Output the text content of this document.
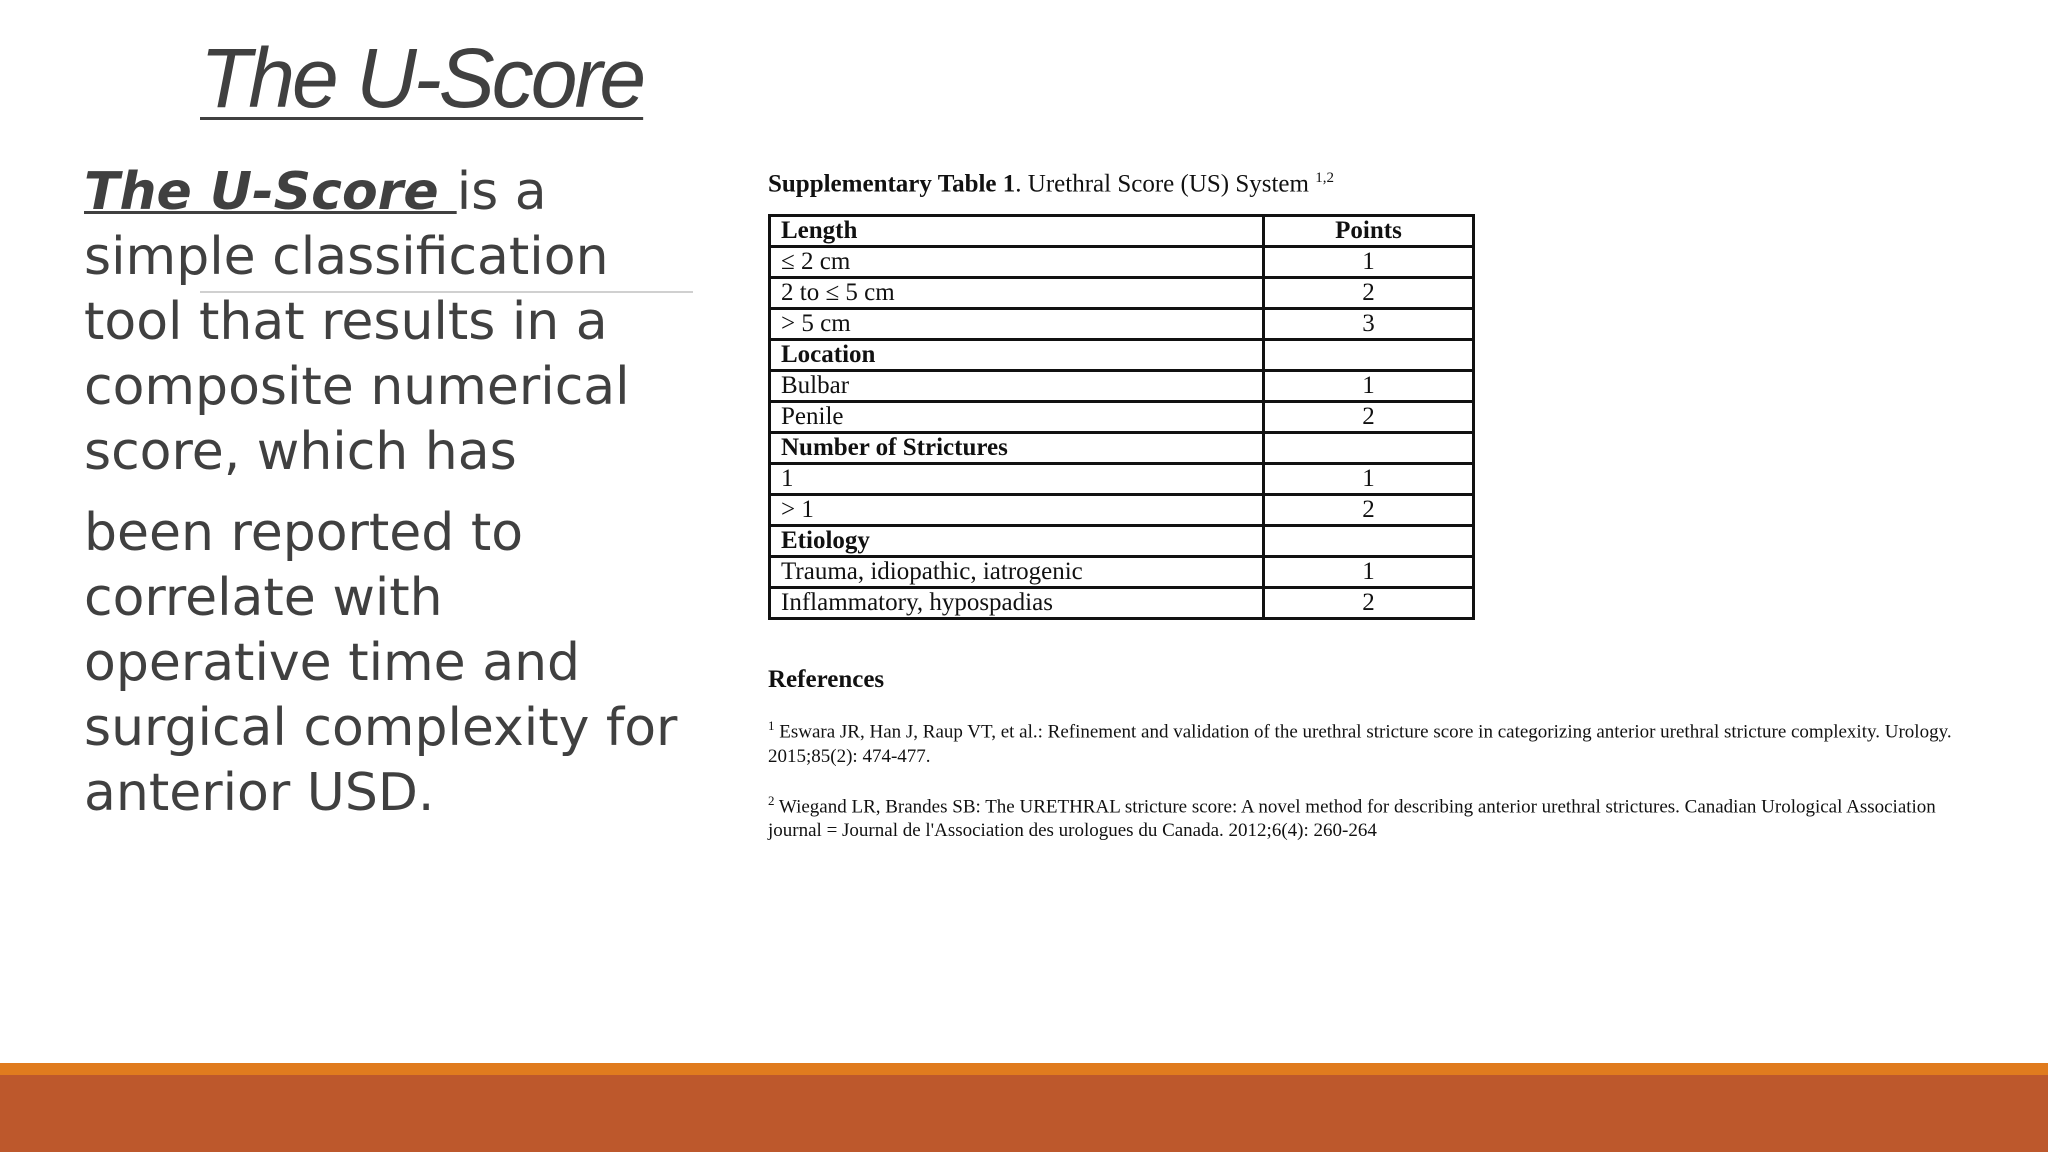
The U-Score

The U-Score is a simple classification tool that results in a composite numerical score, which has

been reported to correlate with operative time and surgical complexity for anterior USD.

Supplementary Table 1. Urethral Score (US) System $^{1,2}$

Length	Points
≤ 2 cm	1
2 to ≤ 5 cm	2
> 5 cm	3
Location	
Bulbar	1
Penile	2
Number of Strictures	
1	1
> 1	2
Etiology	
Trauma, idiopathic, iatrogenic	1
Inflammatory, hypospadias	2
References

$^1$ Eswara JR, Han J, Raup VT, et al.: Refinement and validation of the urethral stricture score in categorizing anterior urethral stricture complexity. Urology. 2015;85(2): 474-477.

$^2$ Wiegand LR, Brandes SB: The URETHRAL stricture score: A novel method for describing anterior urethral strictures. Canadian Urological Association journal = Journal de l'Association des urologues du Canada. 2012;6(4): 260-264
